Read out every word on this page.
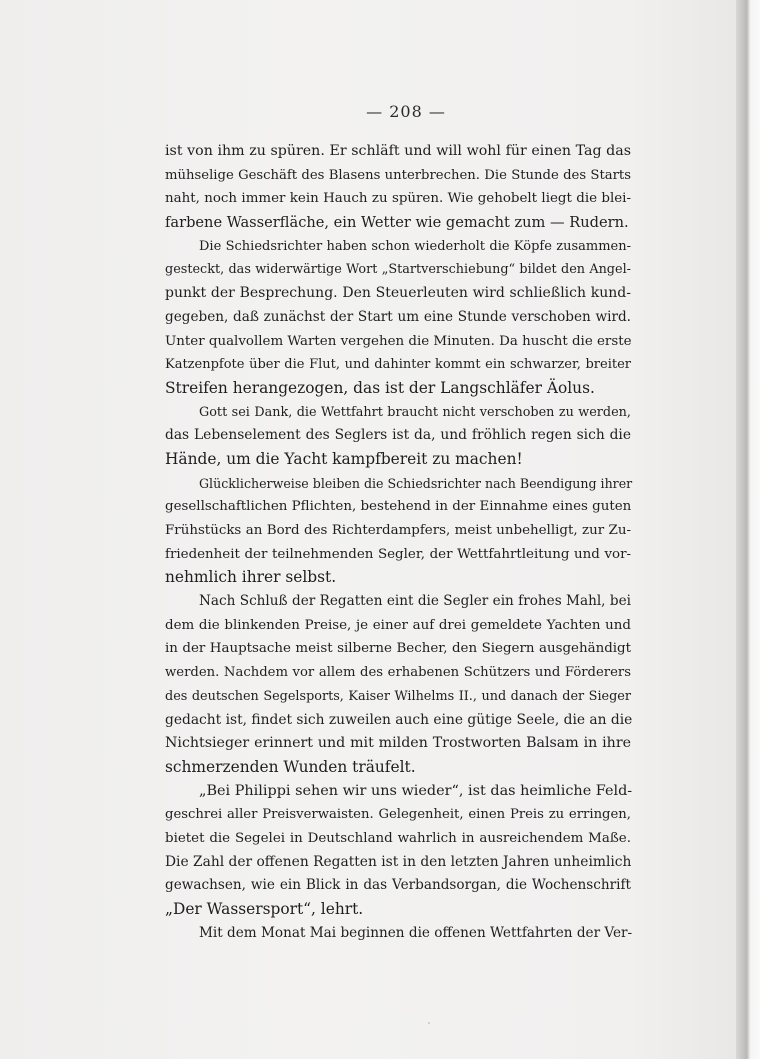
— 208 —
ist von ihm zu spüren. Er schläft und will wohl für einen Tag das
mühselige Geschäft des Blasens unterbrechen. Die Stunde des Starts
naht, noch immer kein Hauch zu spüren. Wie gehobelt liegt die blei-
farbene Wasserfläche, ein Wetter wie gemacht zum — Rudern.
Die Schiedsrichter haben schon wiederholt die Köpfe zusammen-
gesteckt, das widerwärtige Wort „Startverschiebung“ bildet den Angel-
punkt der Besprechung. Den Steuerleuten wird schließlich kund-
gegeben, daß zunächst der Start um eine Stunde verschoben wird.
Unter qualvollem Warten vergehen die Minuten. Da huscht die erste
Katzenpfote über die Flut, und dahinter kommt ein schwarzer, breiter
Streifen herangezogen, das ist der Langschläfer Äolus.
Gott sei Dank, die Wettfahrt braucht nicht verschoben zu werden,
das Lebenselement des Seglers ist da, und fröhlich regen sich die
Hände, um die Yacht kampfbereit zu machen!
Glücklicherweise bleiben die Schiedsrichter nach Beendigung ihrer
gesellschaftlichen Pflichten, bestehend in der Einnahme eines guten
Frühstücks an Bord des Richterdampfers, meist unbehelligt, zur Zu-
friedenheit der teilnehmenden Segler, der Wettfahrtleitung und vor-
nehmlich ihrer selbst.
Nach Schluß der Regatten eint die Segler ein frohes Mahl, bei
dem die blinkenden Preise, je einer auf drei gemeldete Yachten und
in der Hauptsache meist silberne Becher, den Siegern ausgehändigt
werden. Nachdem vor allem des erhabenen Schützers und Förderers
des deutschen Segelsports, Kaiser Wilhelms II., und danach der Sieger
gedacht ist, findet sich zuweilen auch eine gütige Seele, die an die
Nichtsieger erinnert und mit milden Trostworten Balsam in ihre
schmerzenden Wunden träufelt.
„Bei Philippi sehen wir uns wieder“, ist das heimliche Feld-
geschrei aller Preisverwaisten. Gelegenheit, einen Preis zu erringen,
bietet die Segelei in Deutschland wahrlich in ausreichendem Maße.
Die Zahl der offenen Regatten ist in den letzten Jahren unheimlich
gewachsen, wie ein Blick in das Verbandsorgan, die Wochenschrift
„Der Wassersport“, lehrt.
Mit dem Monat Mai beginnen die offenen Wettfahrten der Ver-
